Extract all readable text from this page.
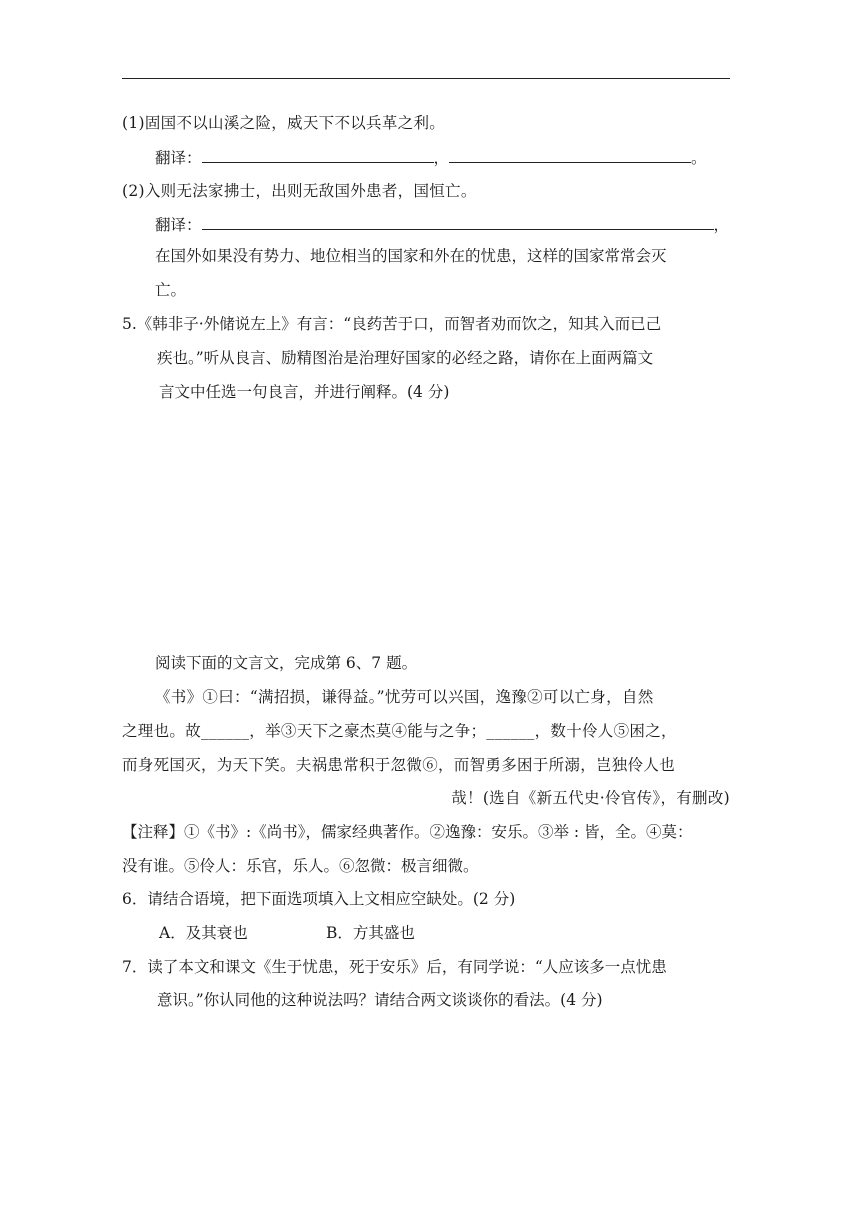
(1)固国不以山溪之险，威天下不以兵革之利。
翻译：	，	。
(2)入则无法家拂士，出则无敌国外患者，国恒亡。
翻译：	，
在国外如果没有势力、地位相当的国家和外在的忧患，这样的国家常常会灭
亡。
5.《韩非子·外储说左上》有言：“良药苦于口，而智者劝而饮之，知其入而已己
疾也。”听从良言、励精图治是治理好国家的必经之路，请你在上面两篇文
言文中任选一句良言，并进行阐释。(4 分)
阅读下面的文言文，完成第 6、7 题。
《书》①曰：“满招损，谦得益。”忧劳可以兴国，逸豫②可以亡身，自然
之理也。故______，举③天下之豪杰莫④能与之争；______，数十伶人⑤困之，
而身死国灭，为天下笑。夫祸患常积于忽微⑥，而智勇多困于所溺，岂独伶人也
哉！(选自《新五代史·伶官传》，有删改)
【注释】①《书》:《尚书》，儒家经典著作。②逸豫：安乐。③举 : 皆，全。④莫：
没有谁。⑤伶人：乐官，乐人。⑥忽微：极言细微。
6．请结合语境，把下面选项填入上文相应空缺处。(2 分)
A．及其衰也	B．方其盛也
7．读了本文和课文《生于忧患，死于安乐》后，有同学说：“人应该多一点忧患
意识。”你认同他的这种说法吗？请结合两文谈谈你的看法。(4 分)
